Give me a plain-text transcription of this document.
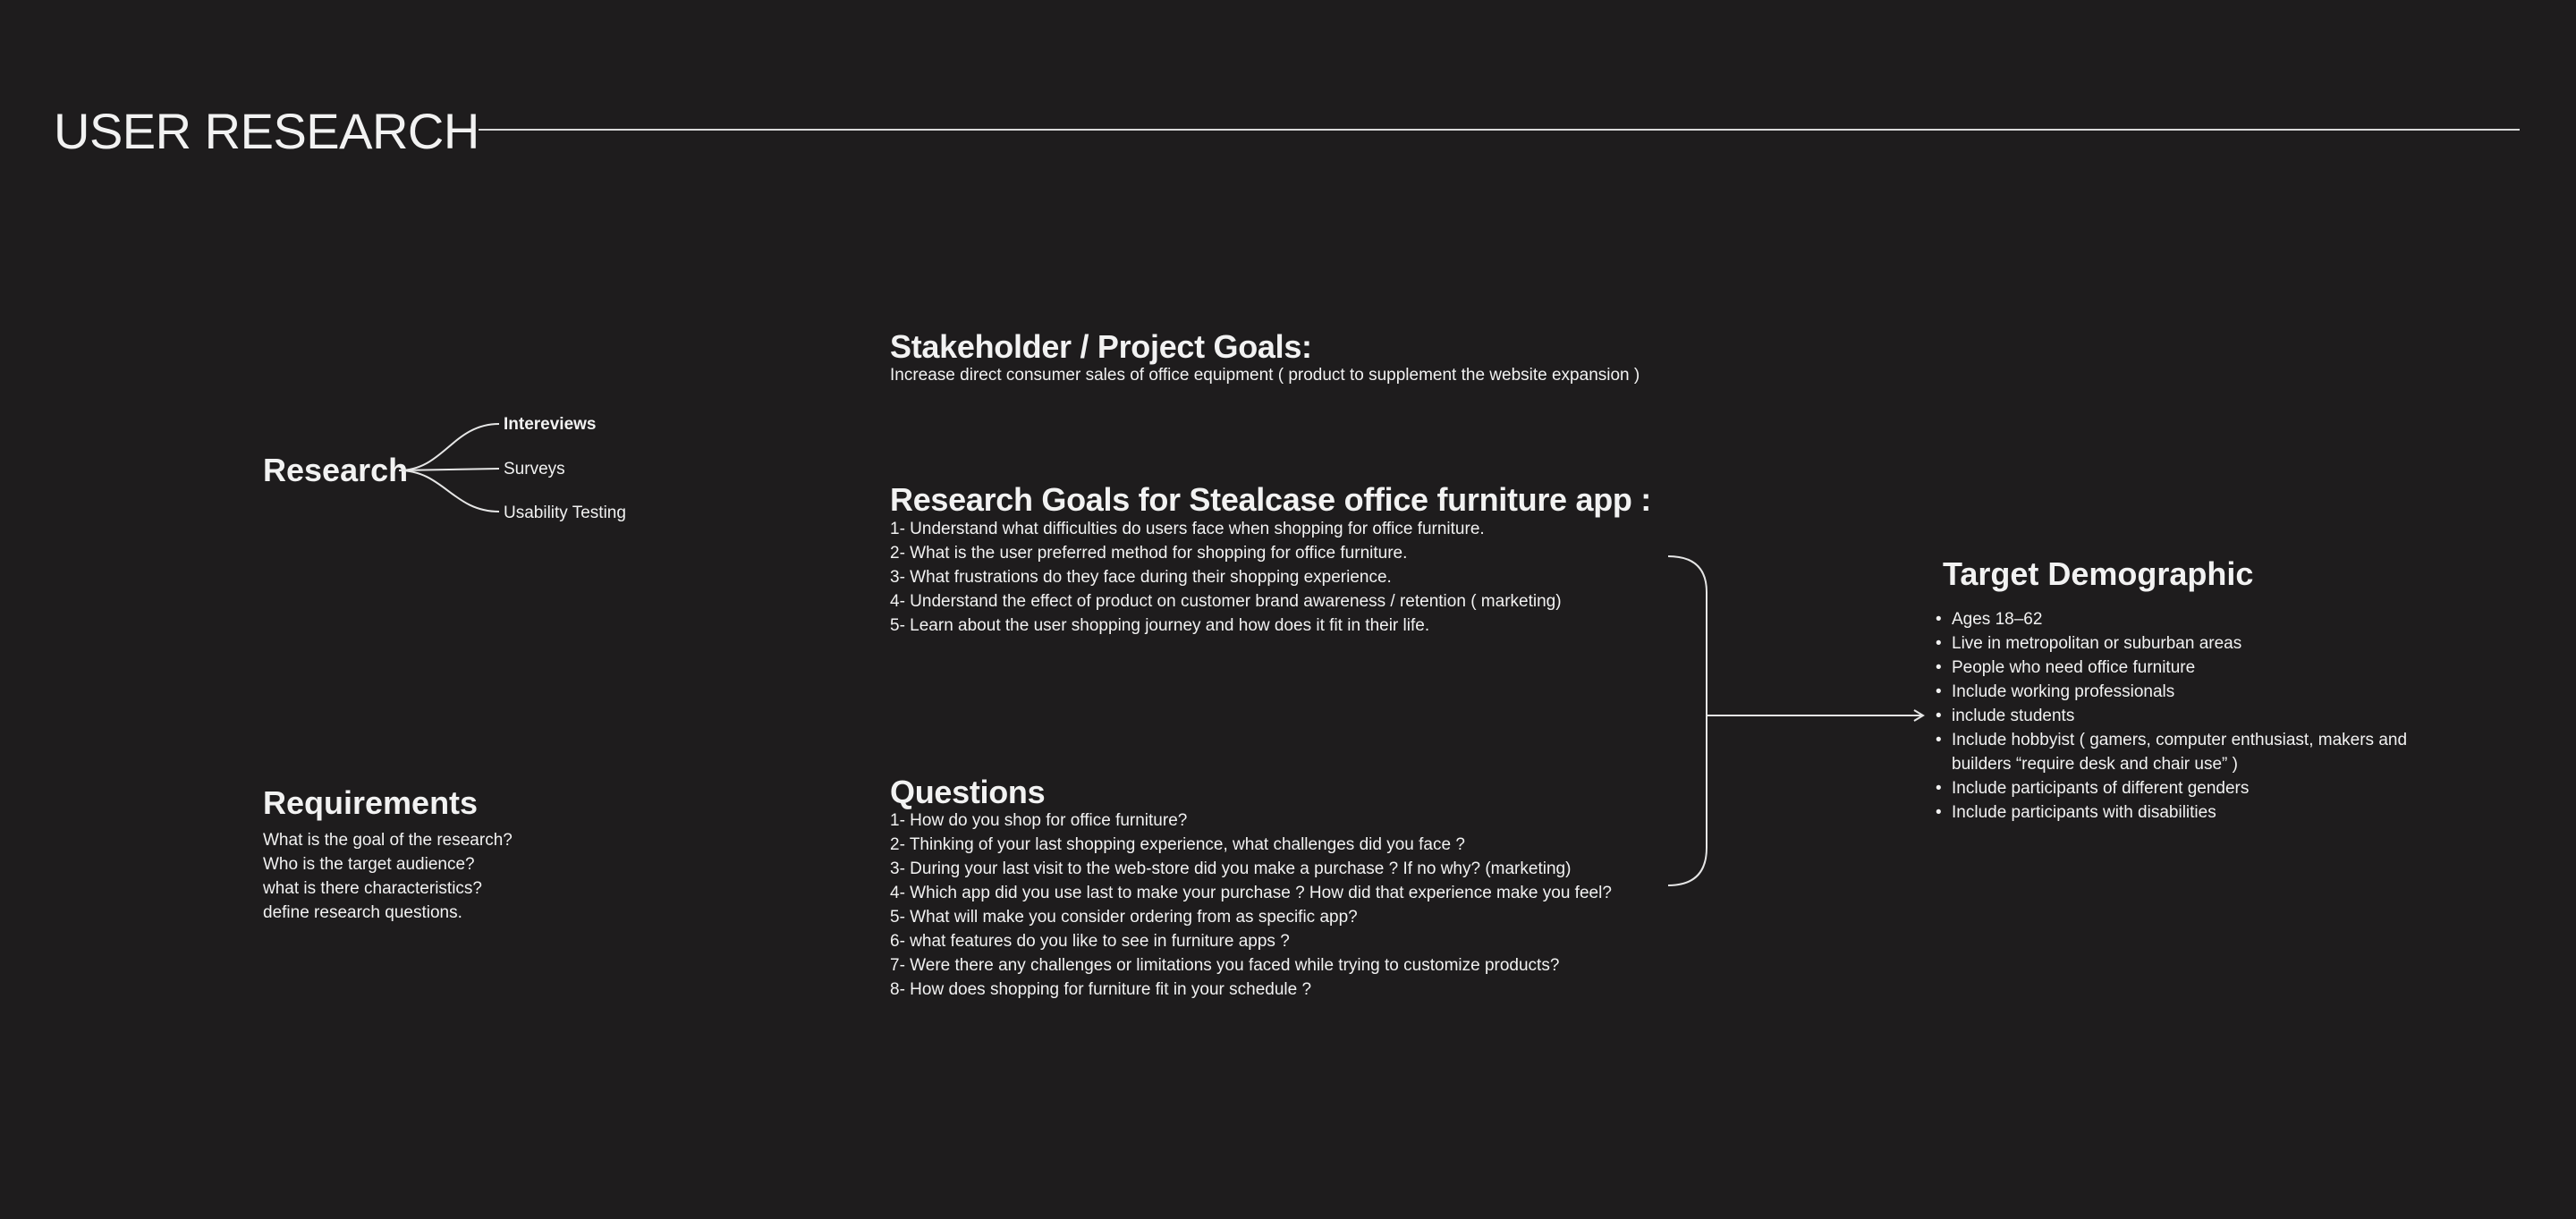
USER RESEARCH
Research
Intereviews
Surveys
Usability Testing
Requirements
What is the goal of the research?
Who is the target audience?
what is there characteristics?
define research questions.
Stakeholder / Project Goals:
Increase direct consumer sales of office equipment ( product to supplement the website expansion )
Research Goals for Stealcase office furniture app :
1- Understand what difficulties do users face when shopping for office furniture.
2- What is the user preferred method for shopping for office furniture.
3- What frustrations do they face during their shopping experience.
4- Understand the effect of product on customer brand awareness / retention ( marketing)
5- Learn about the user shopping journey and how does it fit in their life.
Questions
1- How do you shop for office furniture?
2- Thinking of your last shopping experience, what challenges did you face ?
3- During your last visit to the web-store did you make a purchase ? If no why? (marketing)
4- Which app did you use last to make your purchase ? How did that experience make you feel?
5- What will make you consider ordering from as specific app?
6- what features do you like to see in furniture apps ?
7- Were there any challenges or limitations you faced while trying to customize products?
8- How does shopping for furniture fit in your schedule ?
Target Demographic
• Ages 18–62
• Live in metropolitan or suburban areas
• People who need office furniture
• Include working professionals
• include students
• Include hobbyist ( gamers, computer enthusiast, makers and builders “require desk and chair use” )
• Include participants of different genders
• Include participants with disabilities
